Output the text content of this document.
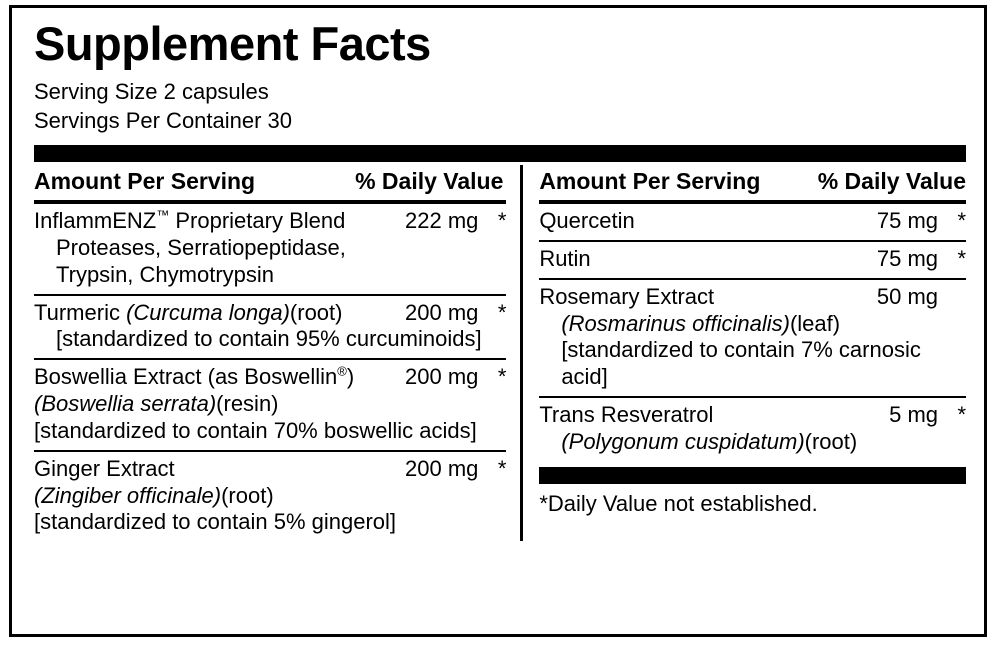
Supplement Facts

Serving Size 2 capsules

Servings Per Container 30

Amount Per Serving	% Daily Value
InflammENZ™ Proprietary Blend	222 mg *
Proteases, Serratiopeptidase,
Trypsin, Chymotrypsin
Turmeric (Curcuma longa)(root)	200 mg *
[standardized to contain 95% curcuminoids]
Boswellia Extract (as Boswellin®)	200 mg *
(Boswellia serrata)(resin)
[standardized to contain 70% boswellic acids]
Ginger Extract	200 mg *
(Zingiber officinale)(root)
[standardized to contain 5% gingerol]
Amount Per Serving % Daily Value
Quercetin	75 mg *
Rutin	75 mg *
Rosemary Extract	50 mg
(Rosmarinus officinalis)(leaf)
[standardized to contain 7% carnosic acid]
Trans Resveratrol	5 mg *
(Polygonum cuspidatum)(root)
*Daily Value not established.
